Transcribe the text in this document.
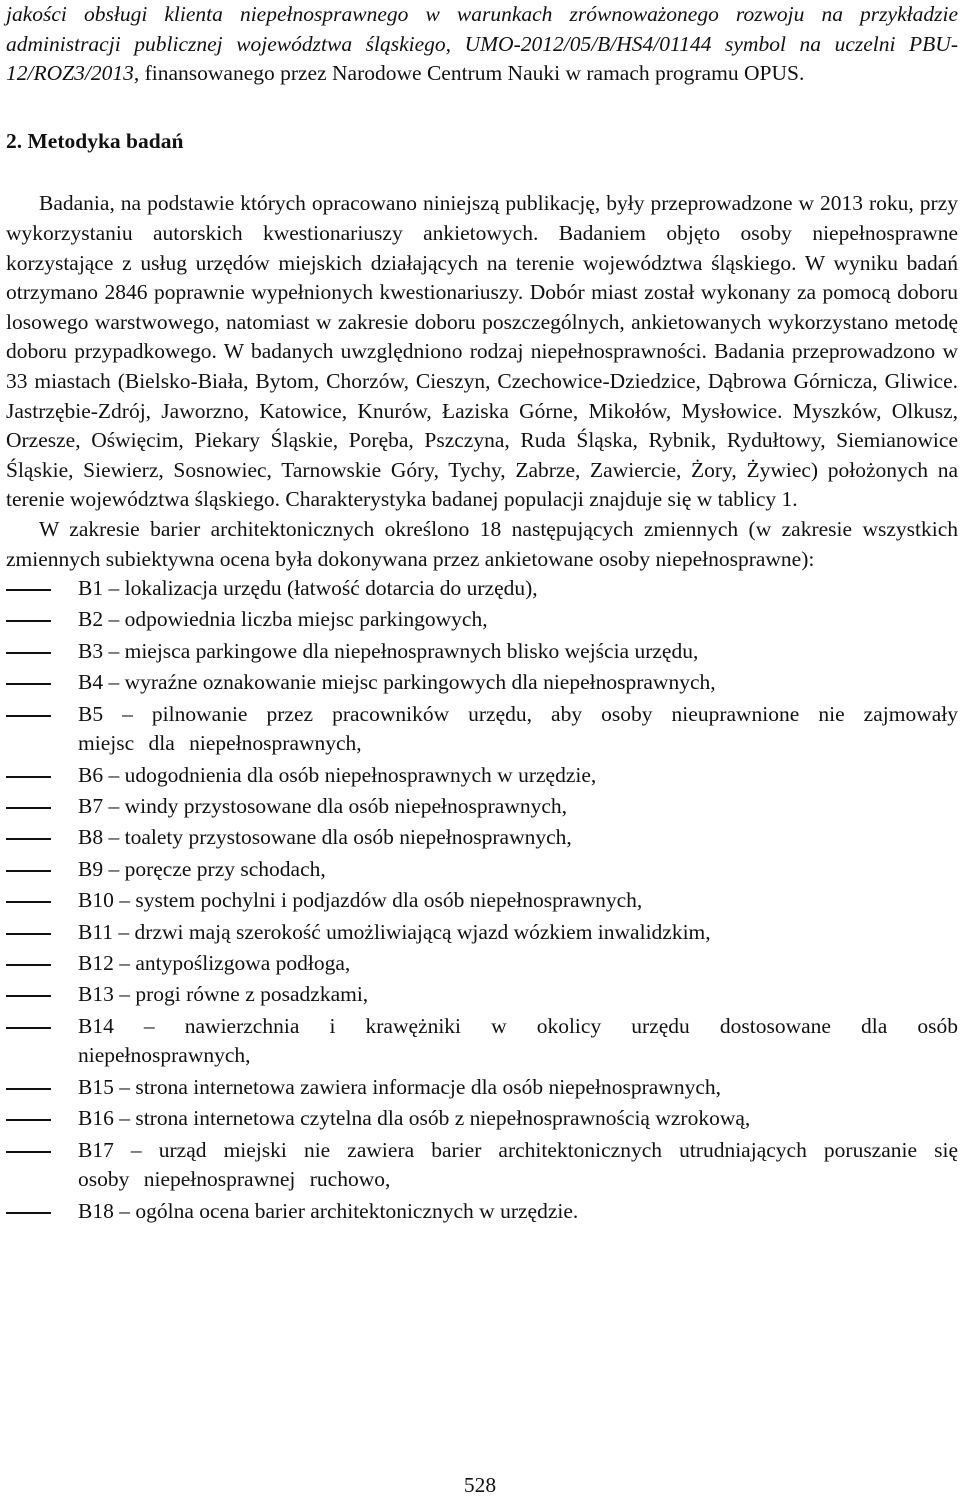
jakości obsługi klienta niepełnosprawnego w warunkach zrównoważonego rozwoju na przykładzie administracji publicznej województwa śląskiego, UMO-2012/05/B/HS4/01144 symbol na uczelni PBU-12/ROZ3/2013, finansowanego przez Narodowe Centrum Nauki w ramach programu OPUS.

2. Metodyka badań

Badania, na podstawie których opracowano niniejszą publikację, były przeprowadzone w 2013 roku, przy wykorzystaniu autorskich kwestionariuszy ankietowych. Badaniem objęto osoby niepełnosprawne korzystające z usług urzędów miejskich działających na terenie województwa śląskiego. W wyniku badań otrzymano 2846 poprawnie wypełnionych kwestionariuszy. Dobór miast został wykonany za pomocą doboru losowego warstwowego, natomiast w zakresie doboru poszczególnych, ankietowanych wykorzystano metodę doboru przypadkowego. W badanych uwzględniono rodzaj niepełnosprawności. Badania przeprowadzono w 33 miastach (Bielsko-Biała, Bytom, Chorzów, Cieszyn, Czechowice-Dziedzice, Dąbrowa Górnicza, Gliwice. Jastrzębie-Zdrój, Jaworzno, Katowice, Knurów, Łaziska Górne, Mikołów, Mysłowice. Myszków, Olkusz, Orzesze, Oświęcim, Piekary Śląskie, Poręba, Pszczyna, Ruda Śląska, Rybnik, Rydułtowy, Siemianowice Śląskie, Siewierz, Sosnowiec, Tarnowskie Góry, Tychy, Zabrze, Zawiercie, Żory, Żywiec) położonych na terenie województwa śląskiego. Charakterystyka badanej populacji znajduje się w tablicy 1.

W zakresie barier architektonicznych określono 18 następujących zmiennych (w zakresie wszystkich zmiennych subiektywna ocena była dokonywana przez ankietowane osoby niepełnosprawne):

B1 – lokalizacja urzędu (łatwość dotarcia do urzędu),
B2 – odpowiednia liczba miejsc parkingowych,
B3 – miejsca parkingowe dla niepełnosprawnych blisko wejścia urzędu,
B4 – wyraźne oznakowanie miejsc parkingowych dla niepełnosprawnych,
B5 – pilnowanie przez pracowników urzędu, aby osoby nieuprawnione nie zajmowały miejsc dla niepełnosprawnych,
B6 – udogodnienia dla osób niepełnosprawnych w urzędzie,
B7 – windy przystosowane dla osób niepełnosprawnych,
B8 – toalety przystosowane dla osób niepełnosprawnych,
B9 – poręcze przy schodach,
B10 – system pochylni i podjazdów dla osób niepełnosprawnych,
B11 – drzwi mają szerokość umożliwiającą wjazd wózkiem inwalidzkim,
B12 – antypoślizgowa podłoga,
B13 – progi równe z posadzkami,
B14 – nawierzchnia i krawężniki w okolicy urzędu dostosowane dla osób niepełnosprawnych,
B15 – strona internetowa zawiera informacje dla osób niepełnosprawnych,
B16 – strona internetowa czytelna dla osób z niepełnosprawnością wzrokową,
B17 – urząd miejski nie zawiera barier architektonicznych utrudniających poruszanie się osoby niepełnosprawnej ruchowo,
B18 – ogólna ocena barier architektonicznych w urzędzie.
528
